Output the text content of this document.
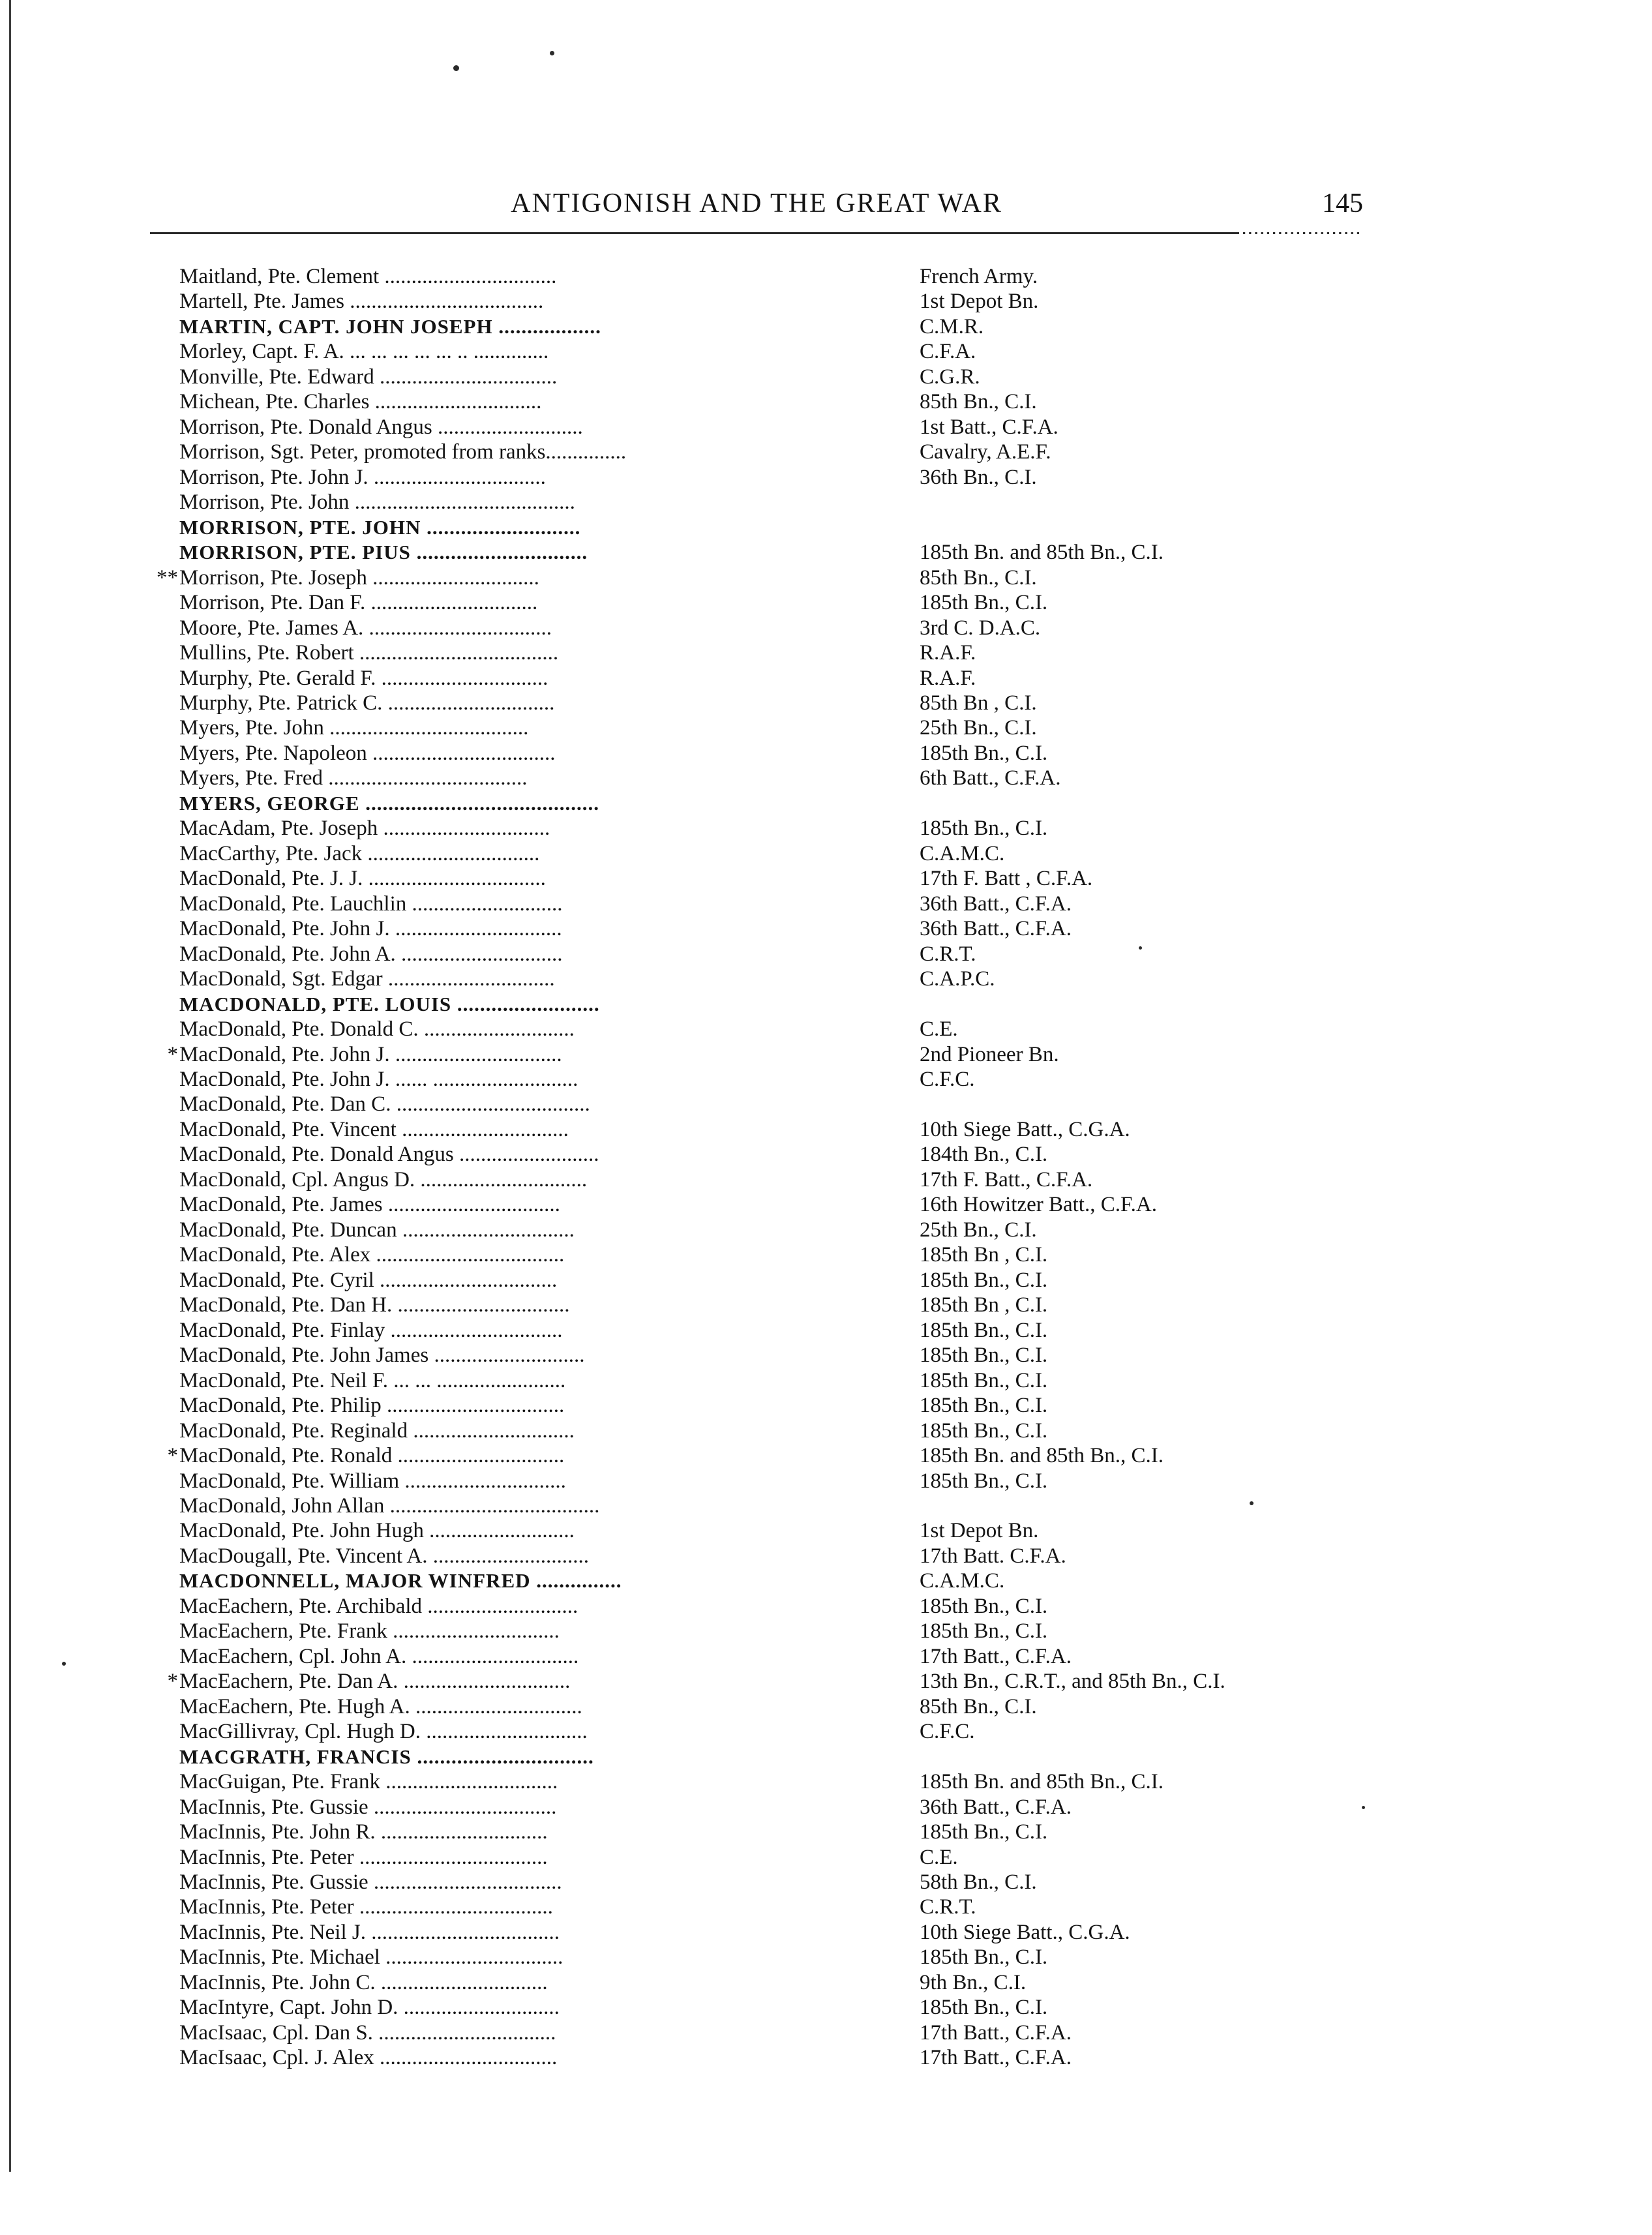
ANTIGONISH AND THE GREAT WAR	145
Maitland, Pte. Clement ................................	French Army.
Martell, Pte. James ....................................	1st Depot Bn.
MARTIN, CAPT. JOHN JOSEPH ..................	C.M.R.
Morley, Capt. F. A. ... ... ... ... ... .. ..............	C.F.A.
Monville, Pte. Edward .................................	C.G.R.
Michean, Pte. Charles ...............................	85th Bn., C.I.
Morrison, Pte. Donald Angus ...........................	1st Batt., C.F.A.
Morrison, Sgt. Peter, promoted from ranks...............	Cavalry, A.E.F.
Morrison, Pte. John J. ................................	36th Bn., C.I.
Morrison, Pte. John .........................................
MORRISON, PTE. JOHN ...........................
MORRISON, PTE. PIUS ..............................	185th Bn. and 85th Bn., C.I.
** Morrison, Pte. Joseph ...............................	85th Bn., C.I.
Morrison, Pte. Dan F. ...............................	185th Bn., C.I.
Moore, Pte. James A. ..................................	3rd C. D.A.C.
Mullins, Pte. Robert .....................................	R.A.F.
Murphy, Pte. Gerald F. ...............................	R.A.F.
Murphy, Pte. Patrick C. ...............................	85th Bn , C.I.
Myers, Pte. John .....................................	25th Bn., C.I.
Myers, Pte. Napoleon ..................................	185th Bn., C.I.
Myers, Pte. Fred .....................................	6th Batt., C.F.A.
MYERS, GEORGE .........................................
MacAdam, Pte. Joseph ...............................	185th Bn., C.I.
MacCarthy, Pte. Jack ................................	C.A.M.C.
MacDonald, Pte. J. J. .................................	17th F. Batt , C.F.A.
MacDonald, Pte. Lauchlin ............................	36th Batt., C.F.A.
MacDonald, Pte. John J. ...............................	36th Batt., C.F.A.
MacDonald, Pte. John A. ..............................	C.R.T.
MacDonald, Sgt. Edgar ...............................	C.A.P.C.
MACDONALD, PTE. LOUIS .........................
MacDonald, Pte. Donald C. ............................	C.E.
* MacDonald, Pte. John J. ...............................	2nd Pioneer Bn.
MacDonald, Pte. John J. ...... ...........................	C.F.C.
MacDonald, Pte. Dan C. ....................................
MacDonald, Pte. Vincent ...............................	10th Siege Batt., C.G.A.
MacDonald, Pte. Donald Angus ..........................	184th Bn., C.I.
MacDonald, Cpl. Angus D. ...............................	17th F. Batt., C.F.A.
MacDonald, Pte. James ................................	16th Howitzer Batt., C.F.A.
MacDonald, Pte. Duncan ................................	25th Bn., C.I.
MacDonald, Pte. Alex ...................................	185th Bn , C.I.
MacDonald, Pte. Cyril .................................	185th Bn., C.I.
MacDonald, Pte. Dan H. ................................	185th Bn , C.I.
MacDonald, Pte. Finlay ................................	185th Bn., C.I.
MacDonald, Pte. John James ............................	185th Bn., C.I.
MacDonald, Pte. Neil F. ... ... ........................	185th Bn., C.I.
MacDonald, Pte. Philip .................................	185th Bn., C.I.
MacDonald, Pte. Reginald ..............................	185th Bn., C.I.
* MacDonald, Pte. Ronald ...............................	185th Bn. and 85th Bn., C.I.
MacDonald, Pte. William ..............................	185th Bn., C.I.
MacDonald, John Allan .......................................
MacDonald, Pte. John Hugh ...........................	1st Depot Bn.
MacDougall, Pte. Vincent A. .............................	17th Batt. C.F.A.
MACDONNELL, MAJOR WINFRED ...............	C.A.M.C.
MacEachern, Pte. Archibald ............................	185th Bn., C.I.
MacEachern, Pte. Frank ...............................	185th Bn., C.I.
MacEachern, Cpl. John A. ...............................	17th Batt., C.F.A.
* MacEachern, Pte. Dan A. ...............................	13th Bn., C.R.T., and 85th Bn., C.I.
MacEachern, Pte. Hugh A. ...............................	85th Bn., C.I.
MacGillivray, Cpl. Hugh D. ..............................	C.F.C.
MACGRATH, FRANCIS ...............................
MacGuigan, Pte. Frank ................................	185th Bn. and 85th Bn., C.I.
MacInnis, Pte. Gussie ..................................	36th Batt., C.F.A.
MacInnis, Pte. John R. ...............................	185th Bn., C.I.
MacInnis, Pte. Peter ...................................	C.E.
MacInnis, Pte. Gussie ...................................	58th Bn., C.I.
MacInnis, Pte. Peter ....................................	C.R.T.
MacInnis, Pte. Neil J. ...................................	10th Siege Batt., C.G.A.
MacInnis, Pte. Michael .................................	185th Bn., C.I.
MacInnis, Pte. John C. ...............................	9th Bn., C.I.
MacIntyre, Capt. John D. .............................	185th Bn., C.I.
MacIsaac, Cpl. Dan S. .................................	17th Batt., C.F.A.
MacIsaac, Cpl. J. Alex .................................	17th Batt., C.F.A.
